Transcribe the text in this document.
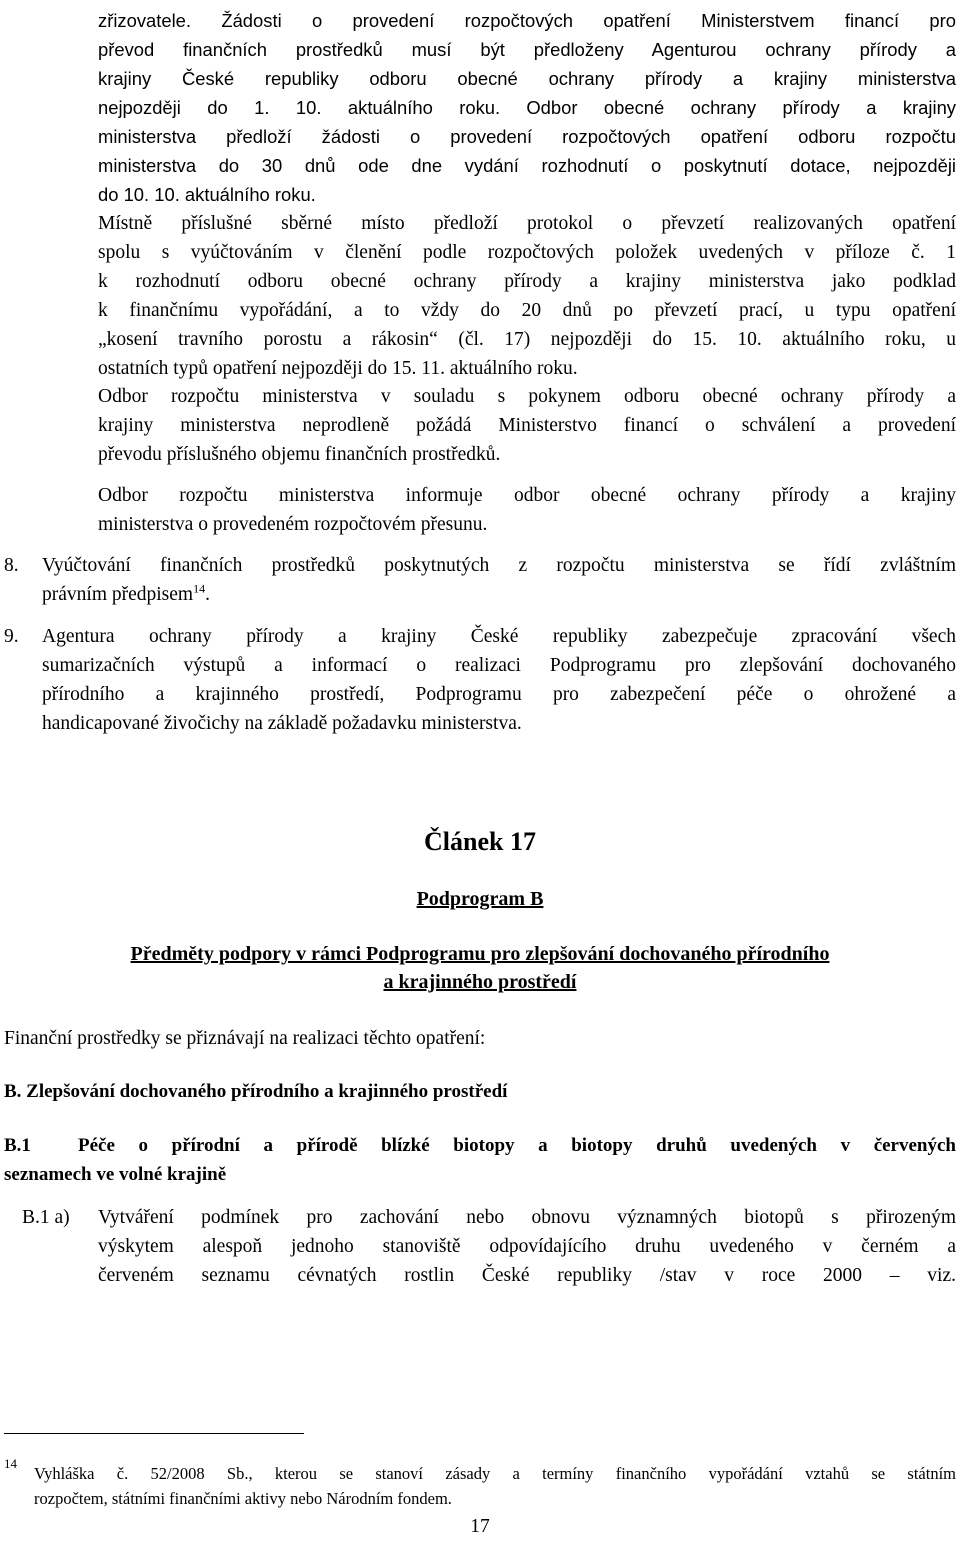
zřizovatele. Žádosti o provedení rozpočtových opatření Ministerstvem financí pro
převod finančních prostředků musí být předloženy Agenturou ochrany přírody a
krajiny České republiky odboru obecné ochrany přírody a krajiny ministerstva
nejpozději do 1. 10. aktuálního roku. Odbor obecné ochrany přírody a krajiny
ministerstva předloží žádosti o provedení rozpočtových opatření odboru rozpočtu
ministerstva do 30 dnů ode dne vydání rozhodnutí o poskytnutí dotace, nejpozději
do 10. 10. aktuálního roku.
Místně příslušné sběrné místo předloží protokol o převzetí realizovaných opatření
spolu s vyúčtováním v členění podle rozpočtových položek uvedených v příloze č. 1
k rozhodnutí odboru obecné ochrany přírody a krajiny ministerstva jako podklad
k finančnímu vypořádání, a to vždy do 20 dnů po převzetí prací, u typu opatření
„kosení travního porostu a rákosin“ (čl. 17) nejpozději do 15. 10. aktuálního roku, u
ostatních typů opatření nejpozději do 15. 11. aktuálního roku.
Odbor rozpočtu ministerstva v souladu s pokynem odboru obecné ochrany přírody a
krajiny ministerstva neprodleně požádá Ministerstvo financí o schválení a provedení
převodu příslušného objemu finančních prostředků.
Odbor rozpočtu ministerstva informuje odbor obecné ochrany přírody a krajiny
ministerstva o provedeném rozpočtovém přesunu.
8. Vyúčtování finančních prostředků poskytnutých z rozpočtu ministerstva se řídí zvláštním
právním předpisem$^{14}$.
9. Agentura ochrany přírody a krajiny České republiky zabezpečuje zpracování všech
sumarizačních výstupů a informací o realizaci Podprogramu pro zlepšování dochovaného
přírodního a krajinného prostředí, Podprogramu pro zabezpečení péče o ohrožené a
handicapované živočichy na základě požadavku ministerstva.
Článek 17
Podprogram B
Předměty podpory v rámci Podprogramu pro zlepšování dochovaného přírodního
a krajinného prostředí
Finanční prostředky se přiznávají na realizaci těchto opatření:
B. Zlepšování dochovaného přírodního a krajinného prostředí
B.1	Péče o přírodní a přírodě blízké biotopy a biotopy druhů uvedených v červených
seznamech ve volné krajině
B.1 a) Vytváření podmínek pro zachování nebo obnovu významných biotopů s přirozeným
výskytem alespoň jednoho stanoviště odpovídajícího druhu uvedeného v černém a
červeném seznamu cévnatých rostlin České republiky /stav v roce 2000 – viz.
14
Vyhláška č. 52/2008 Sb., kterou se stanoví zásady a termíny finančního vypořádání vztahů se státním
rozpočtem, státními finančními aktivy nebo Národním fondem.
17
